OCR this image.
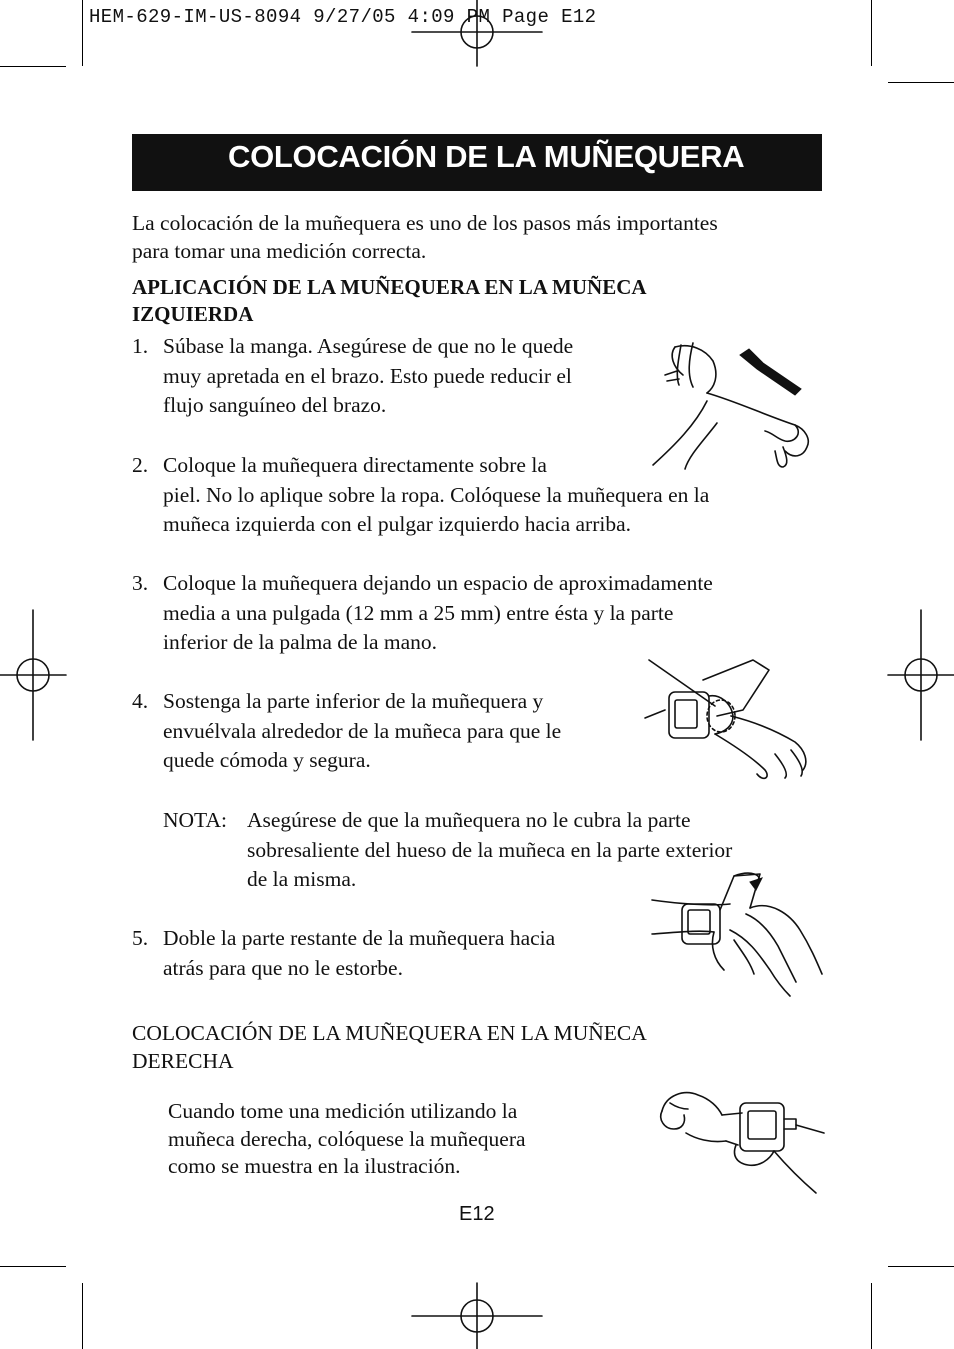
HEM-629-IM-US-8094 9/27/05 4:09 PM Page E12
COLOCACIÓN DE LA MUÑEQUERA
La colocación de la muñequera es uno de los pasos más importantes
para tomar una medición correcta.
APLICACIÓN DE LA MUÑEQUERA EN LA MUÑECA
IZQUIERDA
1. Súbase la manga. Asegúrese de que no le quede
muy apretada en el brazo. Esto puede reducir el
flujo sanguíneo del brazo.
2. Coloque la muñequera directamente sobre la
piel. No lo aplique sobre la ropa. Colóquese la muñequera en la
muñeca izquierda con el pulgar izquierdo hacia arriba.
3. Coloque la muñequera dejando un espacio de aproximadamente
media a una pulgada (12 mm a 25 mm) entre ésta y la parte
inferior de la palma de la mano.
4. Sostenga la parte inferior de la muñequera y
envuélvala alrededor de la muñeca para que le
quede cómoda y segura.
NOTA: Asegúrese de que la muñequera no le cubra la parte
sobresaliente del hueso de la muñeca en la parte exterior
de la misma.
5. Doble la parte restante de la muñequera hacia
atrás para que no le estorbe.
COLOCACIÓN DE LA MUÑEQUERA EN LA MUÑECA
DERECHA
Cuando tome una medición utilizando la
muñeca derecha, colóquese la muñequera
como se muestra en la ilustración.
E12
